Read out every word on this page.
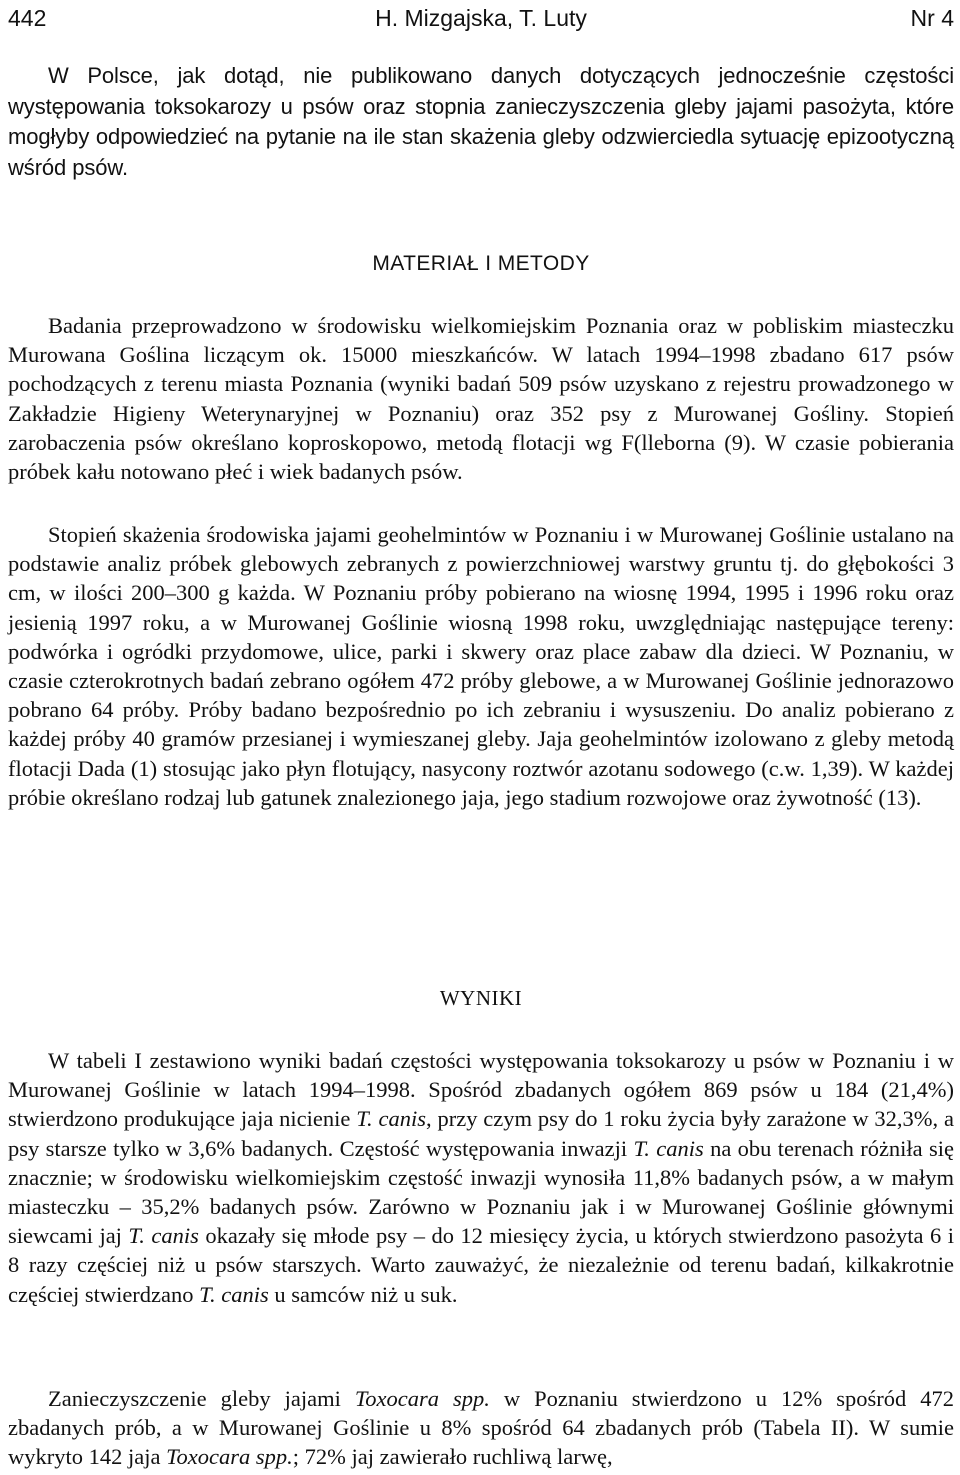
442	H. Mizgajska, T. Luty	Nr 4

W Polsce, jak dotąd, nie publikowano danych dotyczących jednocześnie częstości występowania toksokarozy u psów oraz stopnia zanieczyszczenia gleby jajami pasożyta, które mogłyby odpowiedzieć na pytanie na ile stan skażenia gleby odzwierciedla sytuację epizootyczną wśród psów.

MATERIAŁ I METODY

Badania przeprowadzono w środowisku wielkomiejskim Poznania oraz w pobliskim miasteczku Murowana Goślina liczącym ok. 15000 mieszkańców. W latach 1994–1998 zbadano 617 psów pochodzących z terenu miasta Poznania (wyniki badań 509 psów uzyskano z rejestru prowadzonego w Zakładzie Higieny Weterynaryjnej w Poznaniu) oraz 352 psy z Murowanej Gośliny. Stopień zarobaczenia psów określano koproskopowo, metodą flotacji wg F(lleborna (9). W czasie pobierania próbek kału notowano płeć i wiek badanych psów.

Stopień skażenia środowiska jajami geohelmintów w Poznaniu i w Murowanej Goślinie ustalano na podstawie analiz próbek glebowych zebranych z powierzchniowej warstwy gruntu tj. do głębokości 3 cm, w ilości 200–300 g każda. W Poznaniu próby pobierano na wiosnę 1994, 1995 i 1996 roku oraz jesienią 1997 roku, a w Murowanej Goślinie wiosną 1998 roku, uwzględniając następujące tereny: podwórka i ogródki przydomowe, ulice, parki i skwery oraz place zabaw dla dzieci. W Poznaniu, w czasie czterokrotnych badań zebrano ogółem 472 próby glebowe, a w Murowanej Goślinie jednorazowo pobrano 64 próby. Próby badano bezpośrednio po ich zebraniu i wysuszeniu. Do analiz pobierano z każdej próby 40 gramów przesianej i wymieszanej gleby. Jaja geohelmintów izolowano z gleby metodą flotacji Dada (1) stosując jako płyn flotujący, nasycony roztwór azotanu sodowego (c.w. 1,39). W każdej próbie określano rodzaj lub gatunek znalezionego jaja, jego stadium rozwojowe oraz żywotność (13).

WYNIKI

W tabeli I zestawiono wyniki badań częstości występowania toksokarozy u psów w Poznaniu i w Murowanej Goślinie w latach 1994–1998. Spośród zbadanych ogółem 869 psów u 184 (21,4%) stwierdzono produkujące jaja nicienie T. canis, przy czym psy do 1 roku życia były zarażone w 32,3%, a psy starsze tylko w 3,6% badanych. Częstość występowania inwazji T. canis na obu terenach różniła się znacznie; w środowisku wielkomiejskim częstość inwazji wynosiła 11,8% badanych psów, a w małym miasteczku – 35,2% badanych psów. Zarówno w Poznaniu jak i w Murowanej Goślinie głównymi siewcami jaj T. canis okazały się młode psy – do 12 miesięcy życia, u których stwierdzono pasożyta 6 i 8 razy częściej niż u psów starszych. Warto zauważyć, że niezależnie od terenu badań, kilkakrotnie częściej stwierdzano T. canis u samców niż u suk.

Zanieczyszczenie gleby jajami Toxocara spp. w Poznaniu stwierdzono u 12% spośród 472 zbadanych prób, a w Murowanej Goślinie u 8% spośród 64 zbadanych prób (Tabela II). W sumie wykryto 142 jaja Toxocara spp.; 72% jaj zawierało ruchliwą larwę,
